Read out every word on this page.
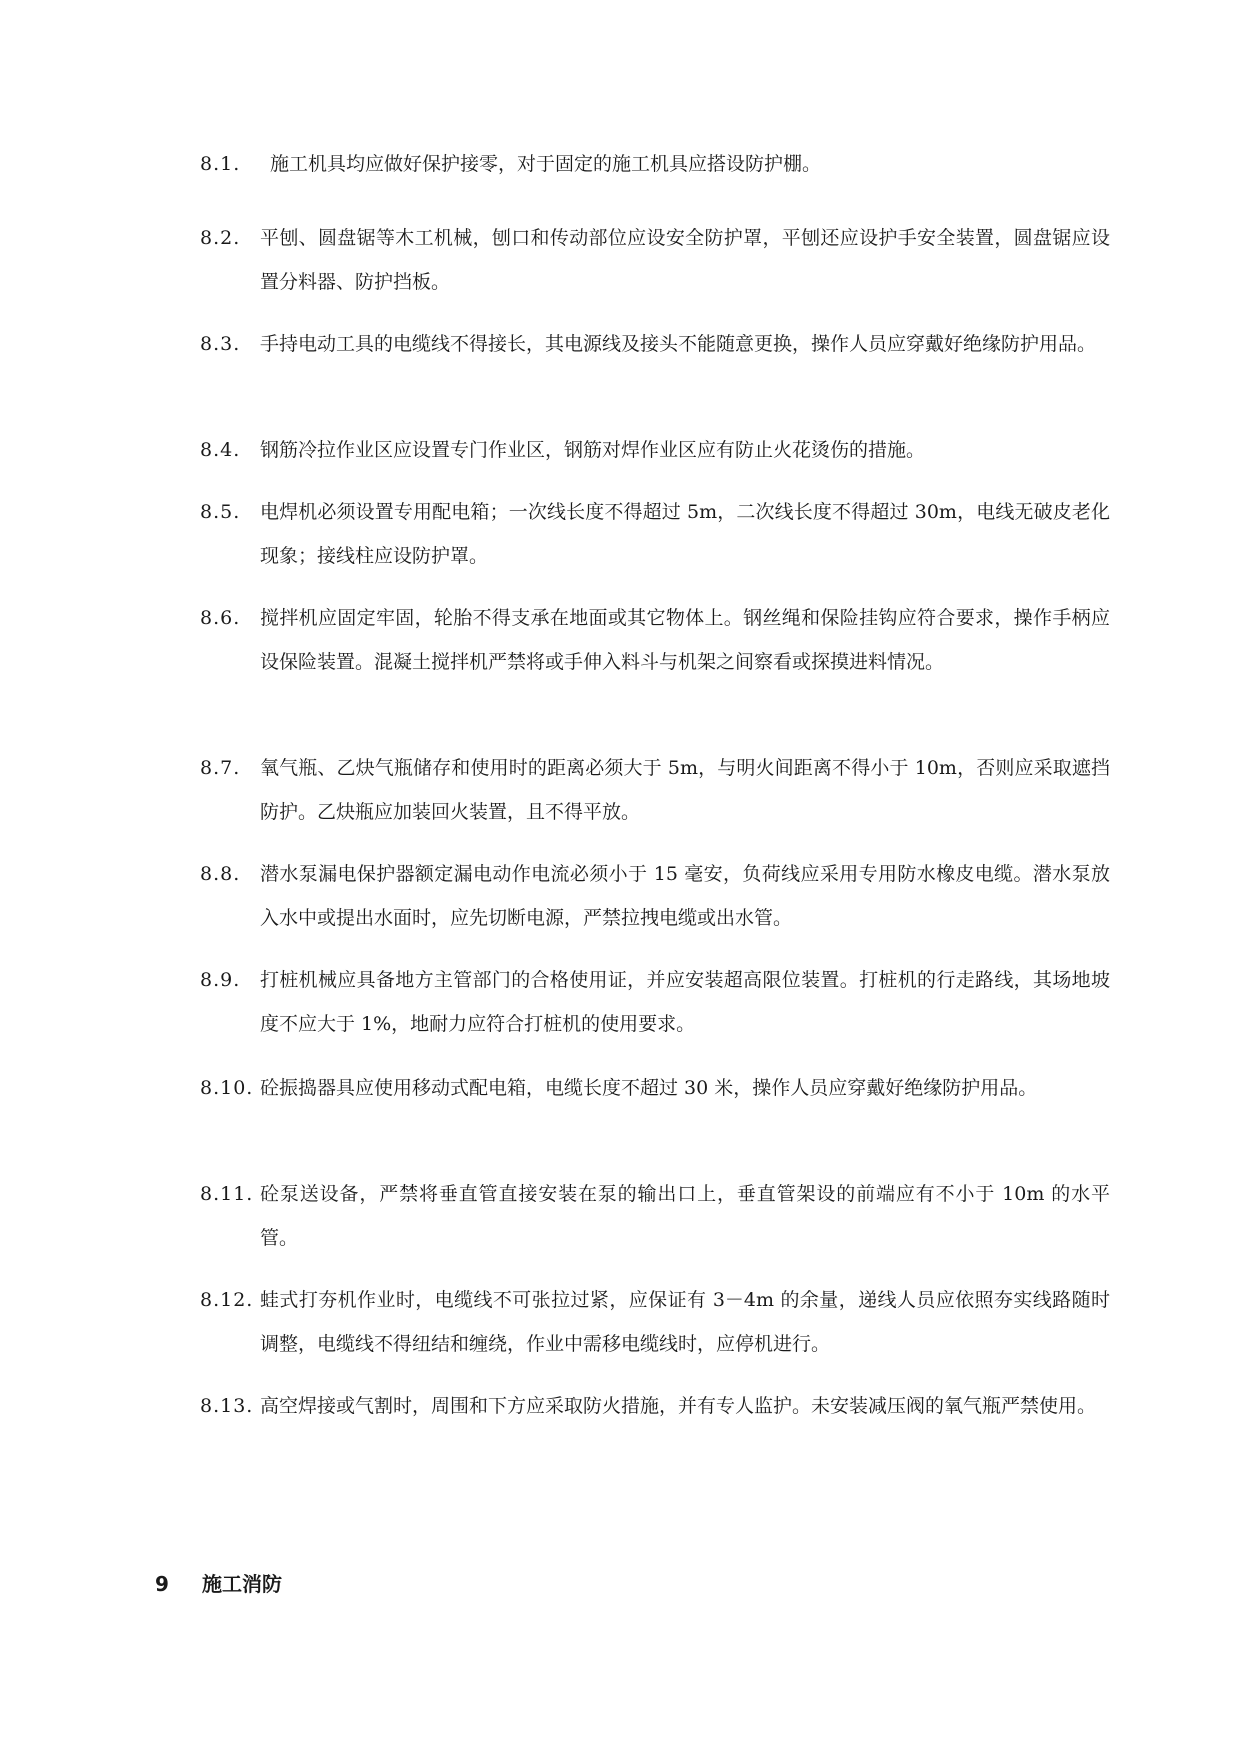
8.1. 施工机具均应做好保护接零，对于固定的施工机具应搭设防护棚。
8.2. 平刨、圆盘锯等木工机械，刨口和传动部位应设安全防护罩，平刨还应设护手安全装置，圆盘锯应设置分料器、防护挡板。
8.3. 手持电动工具的电缆线不得接长，其电源线及接头不能随意更换，操作人员应穿戴好绝缘防护用品。
8.4. 钢筋冷拉作业区应设置专门作业区，钢筋对焊作业区应有防止火花烫伤的措施。
8.5. 电焊机必须设置专用配电箱；一次线长度不得超过 5m，二次线长度不得超过 30m，电线无破皮老化现象；接线柱应设防护罩。
8.6. 搅拌机应固定牢固，轮胎不得支承在地面或其它物体上。钢丝绳和保险挂钩应符合要求，操作手柄应设保险装置。混凝土搅拌机严禁将或手伸入料斗与机架之间察看或探摸进料情况。
8.7. 氧气瓶、乙炔气瓶储存和使用时的距离必须大于 5m，与明火间距离不得小于 10m，否则应采取遮挡防护。乙炔瓶应加装回火装置，且不得平放。
8.8. 潜水泵漏电保护器额定漏电动作电流必须小于 15 毫安，负荷线应采用专用防水橡皮电缆。潜水泵放入水中或提出水面时，应先切断电源，严禁拉拽电缆或出水管。
8.9. 打桩机械应具备地方主管部门的合格使用证，并应安装超高限位装置。打桩机的行走路线，其场地坡度不应大于 1%，地耐力应符合打桩机的使用要求。
8.10. 砼振捣器具应使用移动式配电箱，电缆长度不超过 30 米，操作人员应穿戴好绝缘防护用品。
8.11. 砼泵送设备，严禁将垂直管直接安装在泵的输出口上，垂直管架设的前端应有不小于 10m 的水平管。
8.12. 蛙式打夯机作业时，电缆线不可张拉过紧，应保证有 3－4m 的余量，递线人员应依照夯实线路随时调整，电缆线不得纽结和缠绕，作业中需移电缆线时，应停机进行。
8.13. 高空焊接或气割时，周围和下方应采取防火措施，并有专人监护。未安装减压阀的氧气瓶严禁使用。
9 施工消防
